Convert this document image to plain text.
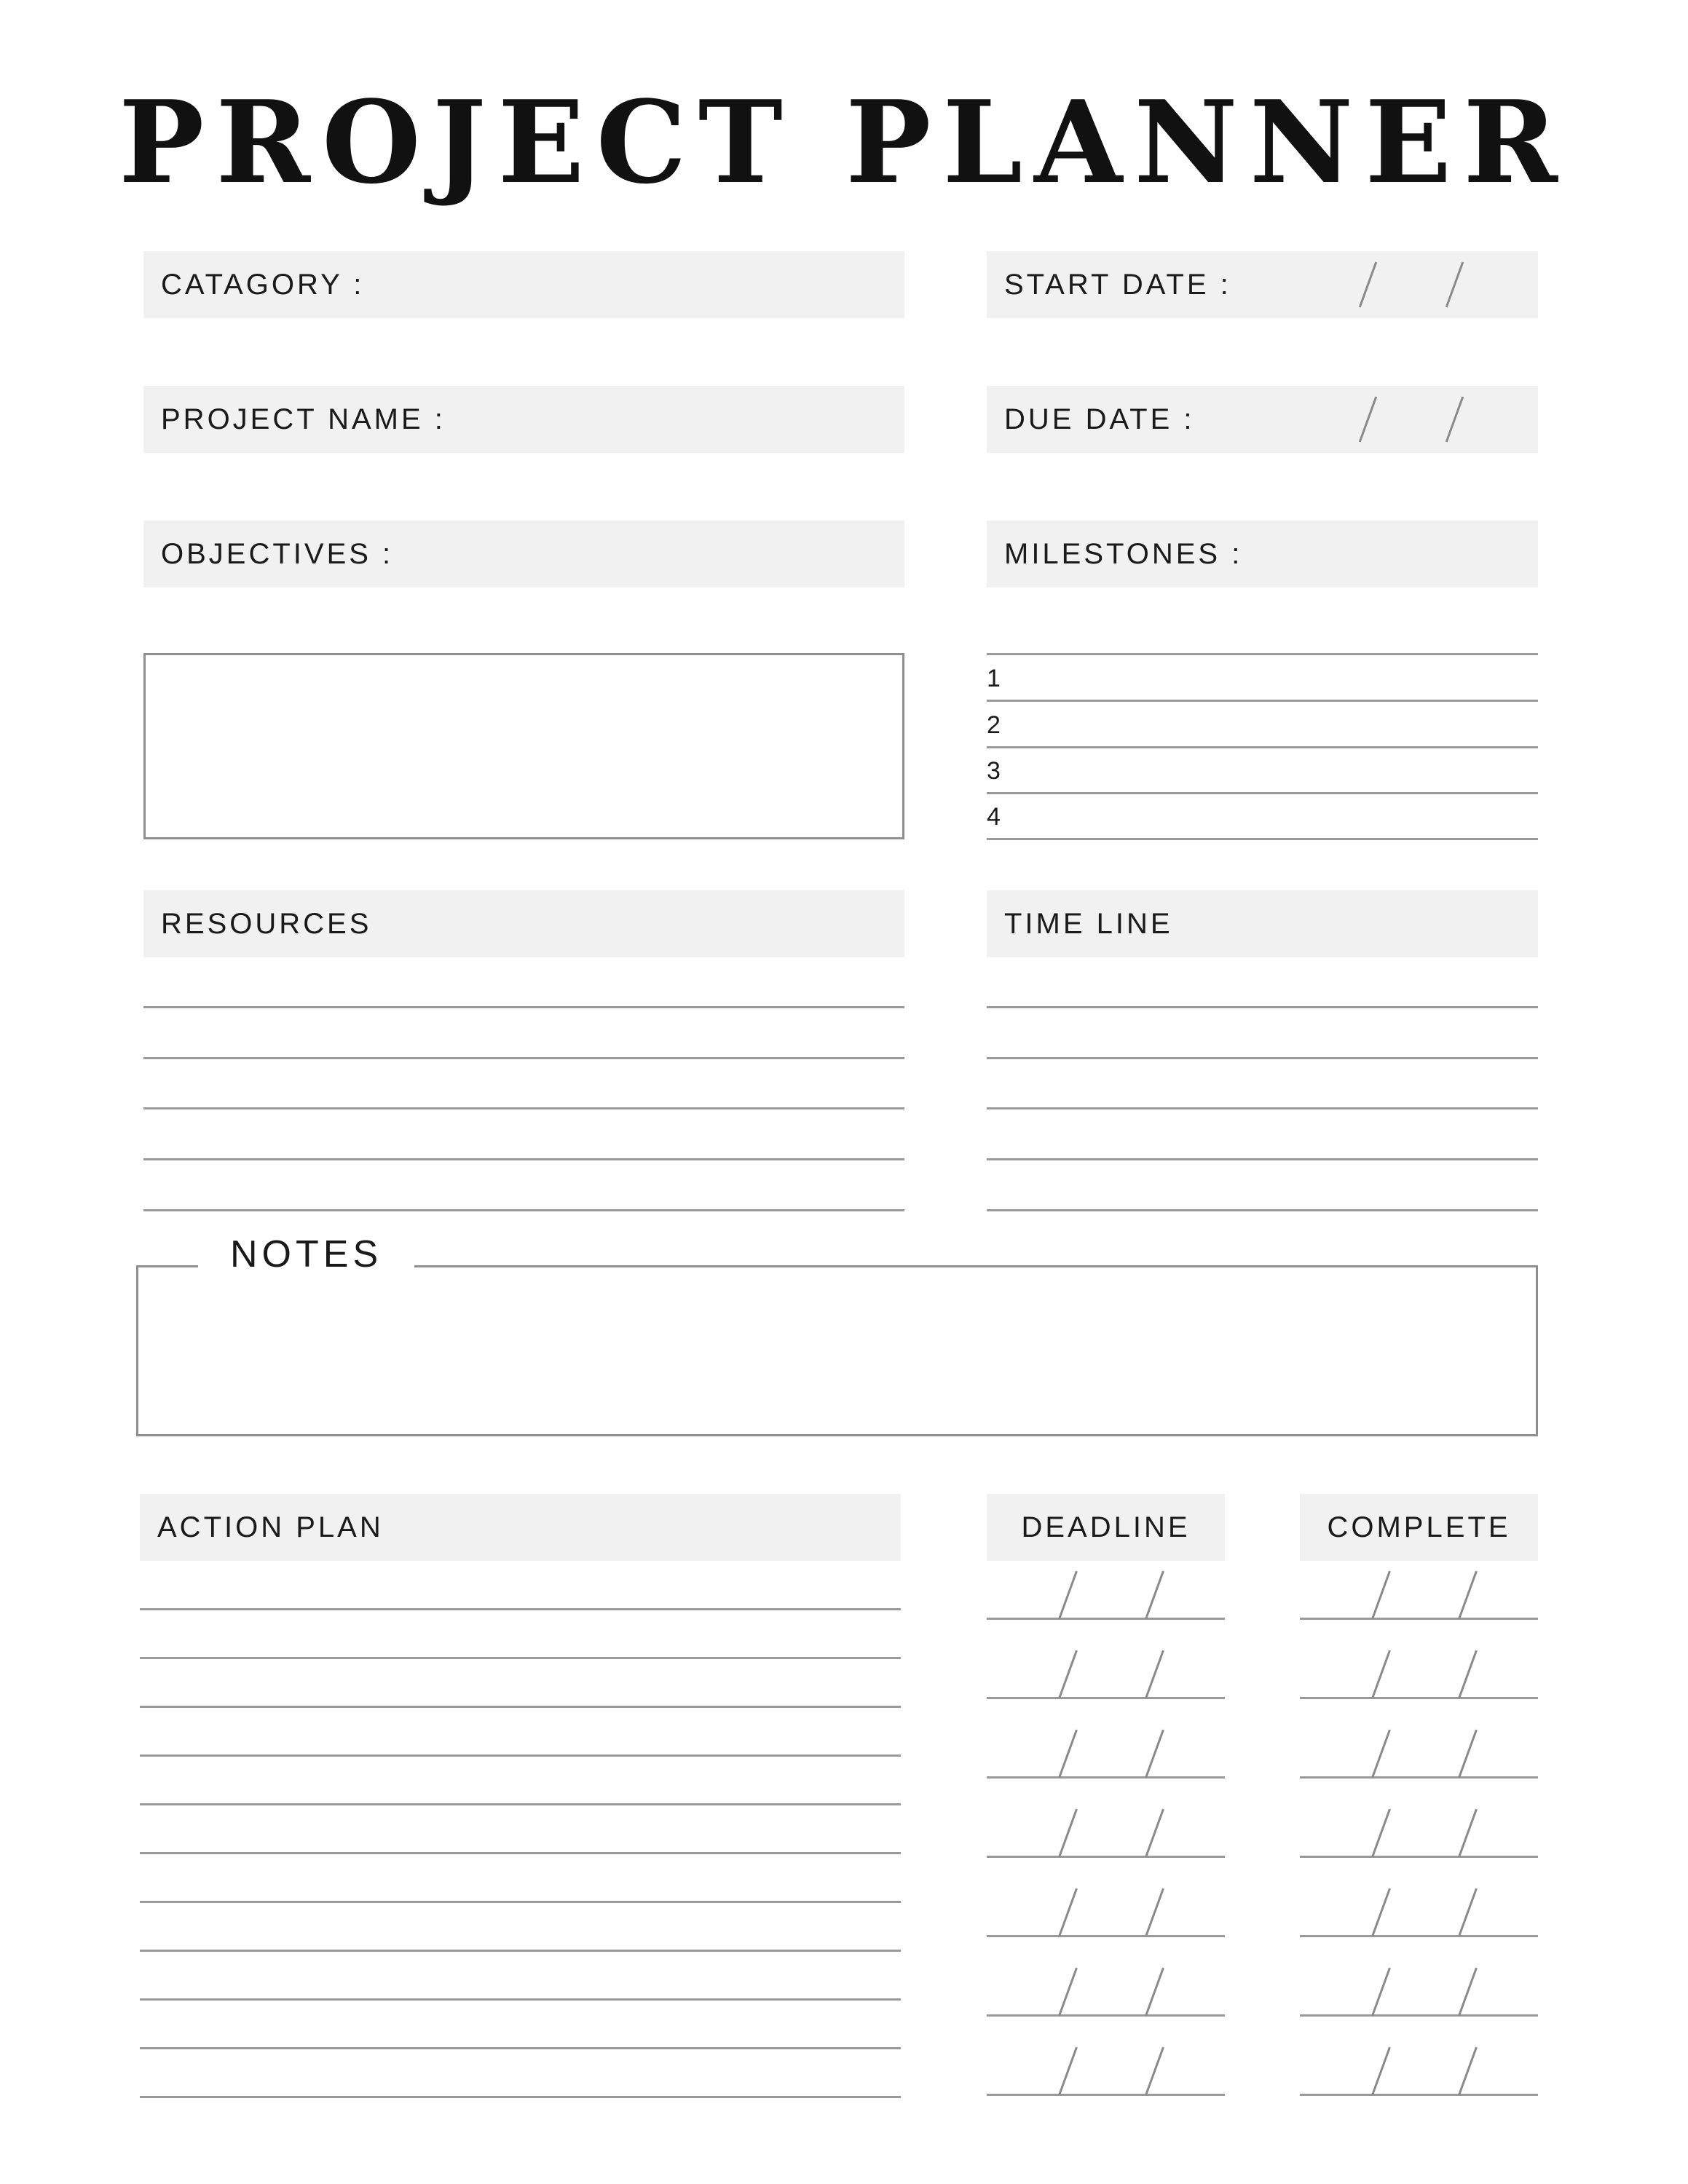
PROJECT PLANNER
CATAGORY :
PROJECT NAME :
OBJECTIVES :
START DATE :
DUE DATE :
MILESTONES :
1
2
3
4
RESOURCES	TIME LINE
NOTES
ACTION PLAN	DEADLINE	COMPLETE
